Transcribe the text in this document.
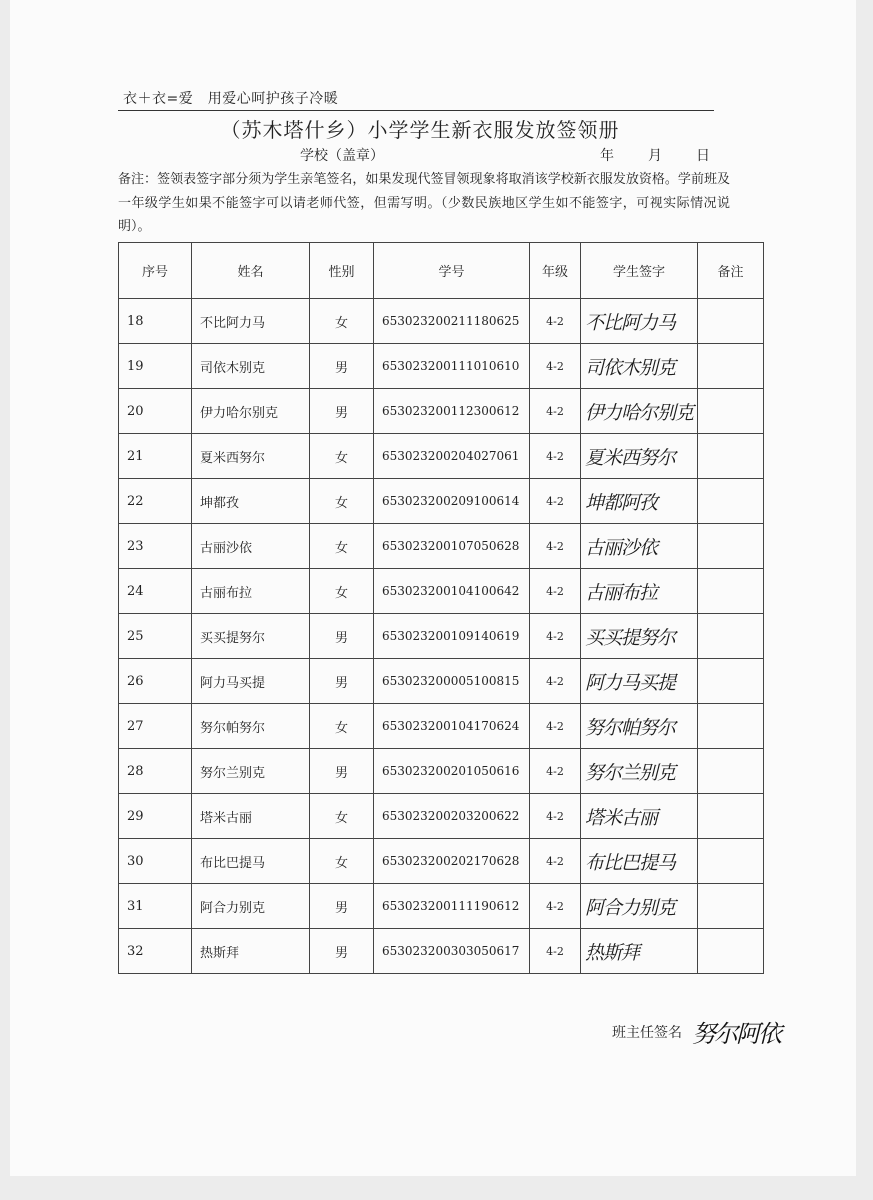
衣＋衣=爱　用爱心呵护孩子冷暖
（苏木塔什乡）小学学生新衣服发放签领册
学校（盖章）	年 月 日
备注：签领表签字部分须为学生亲笔签名，如果发现代签冒领现象将取消该学校新衣服发放资格。学前班及一年级学生如果不能签字可以请老师代签，但需写明。（少数民族地区学生如不能签字，可视实际情况说明）。
序号	姓名	性别	学号	年级	学生签字	备注
18	不比阿力马	女	653023200211180625	4-2	不比阿力马	
19	司依木别克	男	653023200111010610	4-2	司依木别克	
20	伊力哈尔别克	男	653023200112300612	4-2	伊力哈尔别克	
21	夏米西努尔	女	653023200204027061	4-2	夏米西努尔	
22	坤都孜	女	653023200209100614	4-2	坤都阿孜	
23	古丽沙依	女	653023200107050628	4-2	古丽沙依	
24	古丽布拉	女	653023200104100642	4-2	古丽布拉	
25	买买提努尔	男	653023200109140619	4-2	买买提努尔	
26	阿力马买提	男	653023200005100815	4-2	阿力马买提	
27	努尔帕努尔	女	653023200104170624	4-2	努尔帕努尔	
28	努尔兰别克	男	653023200201050616	4-2	努尔兰别克	
29	塔米古丽	女	653023200203200622	4-2	塔米古丽	
30	布比巴提马	女	653023200202170628	4-2	布比巴提马	
31	阿合力别克	男	653023200111190612	4-2	阿合力别克	
32	热斯拜	男	653023200303050617	4-2	热斯拜	
班主任签名 努尔阿依
